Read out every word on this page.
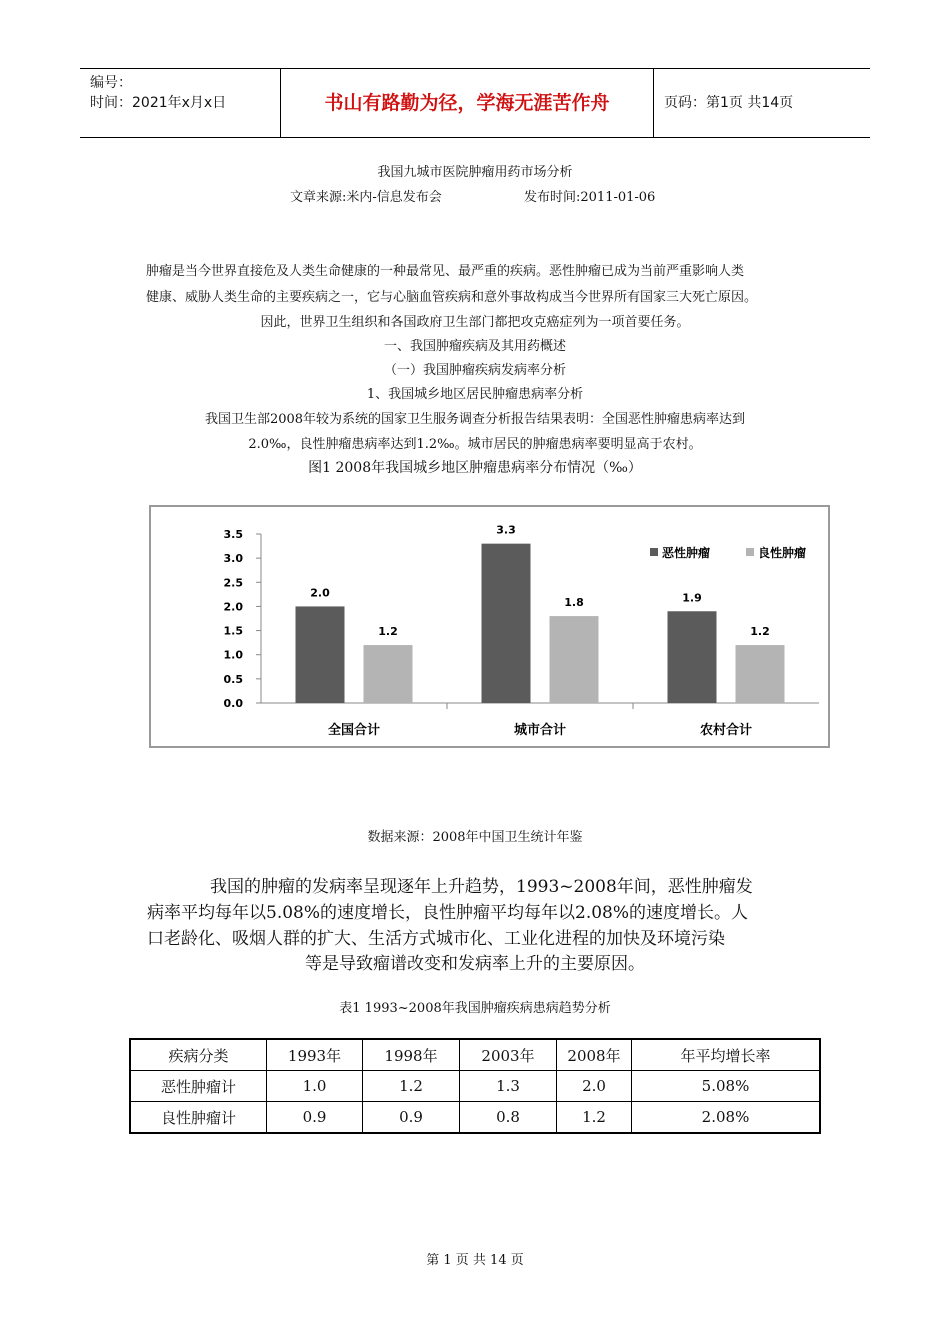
编号：
时间：2021年x月x日	书山有路勤为径，学海无涯苦作舟	页码：第1页 共14页
我国九城市医院肿瘤用药市场分析
文章来源:米内-信息发布会	发布时间:2011-01-06
肿瘤是当今世界直接危及人类生命健康的一种最常见、最严重的疾病。恶性肿瘤已成为当前严重影响人类
健康、威胁人类生命的主要疾病之一，它与心脑血管疾病和意外事故构成当今世界所有国家三大死亡原因。
因此，世界卫生组织和各国政府卫生部门都把攻克癌症列为一项首要任务。
一、我国肿瘤疾病及其用药概述
（一）我国肿瘤疾病发病率分析
1、我国城乡地区居民肿瘤患病率分析
我国卫生部2008年较为系统的国家卫生服务调查分析报告结果表明：全国恶性肿瘤患病率达到
2.0‰，良性肿瘤患病率达到1.2‰。城市居民的肿瘤患病率要明显高于农村。
图1 2008年我国城乡地区肿瘤患病率分布情况（‰）
0.0
0.5
1.0
1.5
2.0
2.5
3.0
3.5
2.0
1.2
全国合计
3.3
1.8
城市合计
1.9
1.2
农村合计
恶性肿瘤	良性肿瘤
数据来源：2008年中国卫生统计年鉴
我国的肿瘤的发病率呈现逐年上升趋势，1993~2008年间，恶性肿瘤发
病率平均每年以5.08%的速度增长，良性肿瘤平均每年以2.08%的速度增长。人
口老龄化、吸烟人群的扩大、生活方式城市化、工业化进程的加快及环境污染
等是导致瘤谱改变和发病率上升的主要原因。
表1 1993~2008年我国肿瘤疾病患病趋势分析
疾病分类	1993年	1998年	2003年	2008年	年平均增长率
恶性肿瘤计	1.0	1.2	1.3	2.0	5.08%
良性肿瘤计	0.9	0.9	0.8	1.2	2.08%
第 1 页 共 14 页
